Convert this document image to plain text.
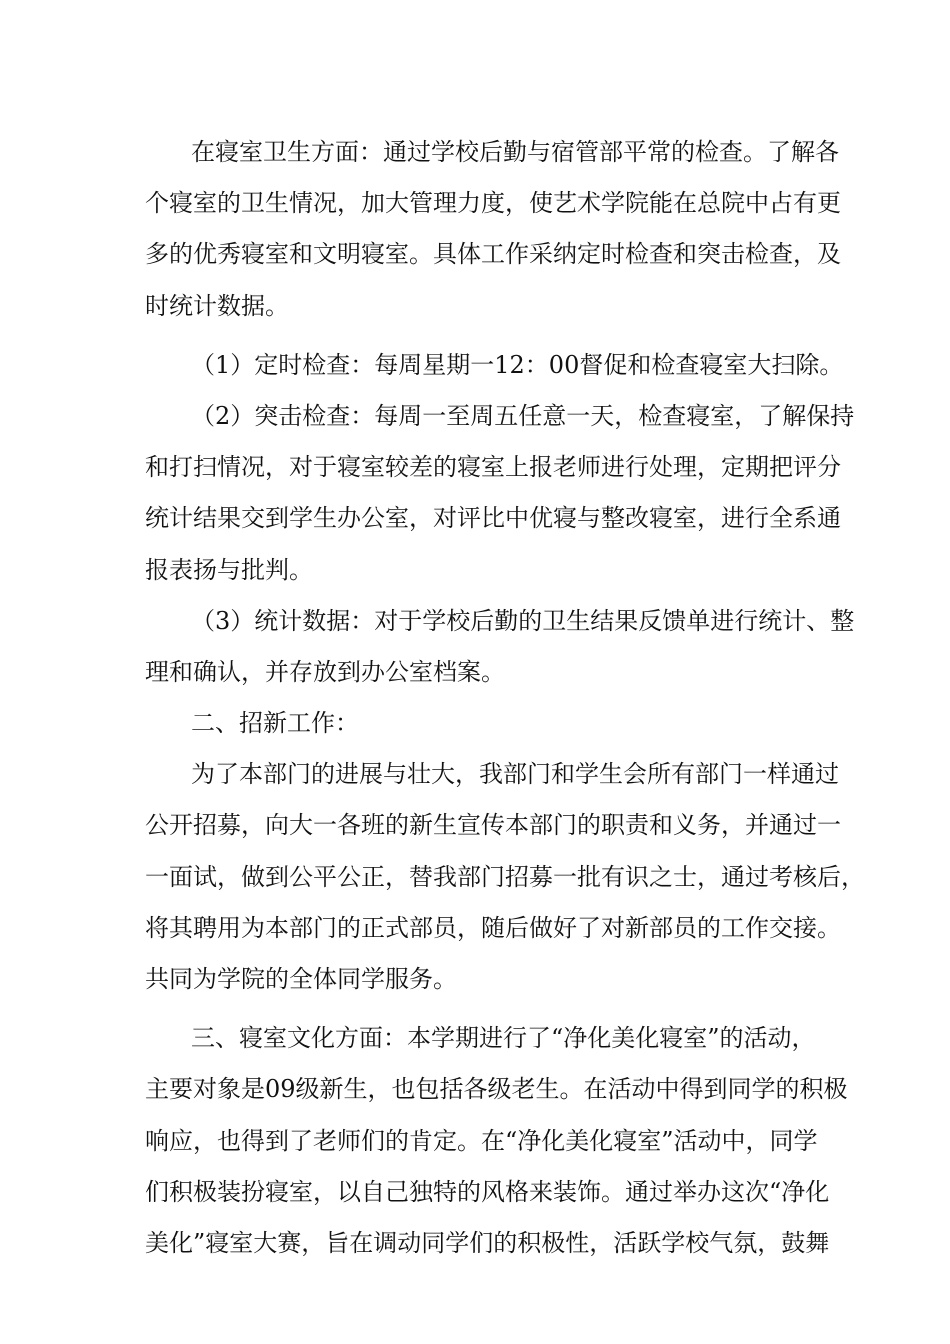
在寝室卫生方面：通过学校后勤与宿管部平常的检查。了解各
个寝室的卫生情况，加大管理力度，使艺术学院能在总院中占有更
多的优秀寝室和文明寝室。具体工作采纳定时检查和突击检查，及
时统计数据。
（1）定时检查：每周星期一12：00督促和检查寝室大扫除。
（2）突击检查：每周一至周五任意一天，检查寝室，了解保持
和打扫情况，对于寝室较差的寝室上报老师进行处理，定期把评分
统计结果交到学生办公室，对评比中优寝与整改寝室，进行全系通
报表扬与批判。
（3）统计数据：对于学校后勤的卫生结果反馈单进行统计、整
理和确认，并存放到办公室档案。
二、招新工作：
为了本部门的进展与壮大，我部门和学生会所有部门一样通过
公开招募，向大一各班的新生宣传本部门的职责和义务，并通过一
一面试，做到公平公正，替我部门招募一批有识之士，通过考核后，
将其聘用为本部门的正式部员，随后做好了对新部员的工作交接。
共同为学院的全体同学服务。
三、寝室文化方面：本学期进行了“净化美化寝室”的活动，
主要对象是09级新生，也包括各级老生。在活动中得到同学的积极
响应，也得到了老师们的肯定。在“净化美化寝室”活动中，同学
们积极装扮寝室，以自己独特的风格来装饰。通过举办这次“净化
美化”寝室大赛，旨在调动同学们的积极性，活跃学校气氛，鼓舞
